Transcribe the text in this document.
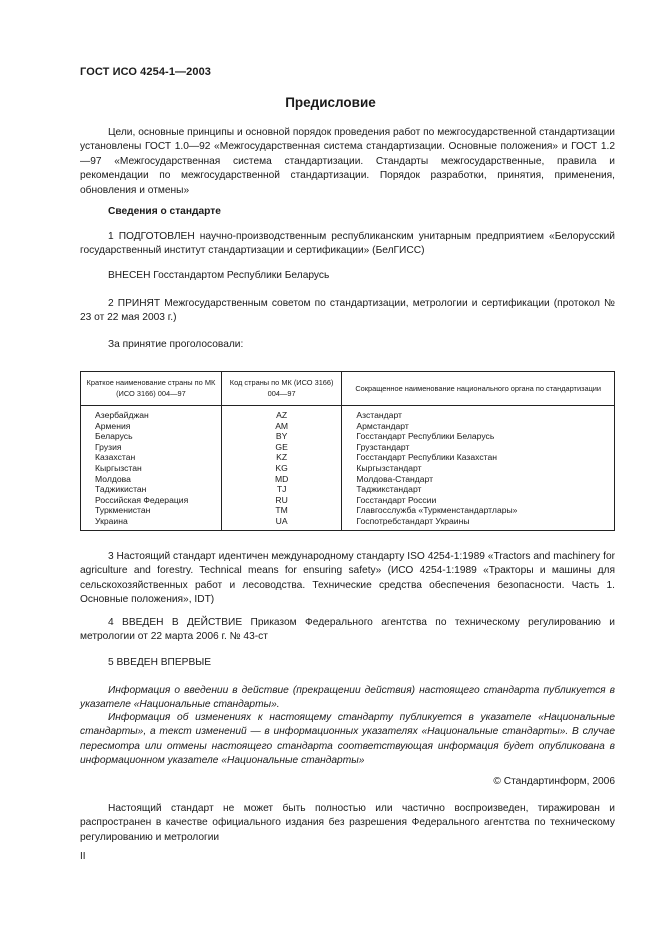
ГОСТ ИСО 4254-1—2003
Предисловие
Цели, основные принципы и основной порядок проведения работ по межгосударственной стандартизации установлены ГОСТ 1.0—92 «Межгосударственная система стандартизации. Основные положения» и ГОСТ 1.2—97 «Межгосударственная система стандартизации. Стандарты межгосударственные, правила и рекомендации по межгосударственной стандартизации. Порядок разработки, принятия, применения, обновления и отмены»
Сведения о стандарте
1 ПОДГОТОВЛЕН научно-производственным республиканским унитарным предприятием «Белорусский государственный институт стандартизации и сертификации» (БелГИСС)
ВНЕСЕН Госстандартом Республики Беларусь
2 ПРИНЯТ Межгосударственным советом по стандартизации, метрологии и сертификации (протокол № 23 от 22 мая 2003 г.)
За принятие проголосовали:
Краткое наименование страны по МК (ИСО 3166) 004—97	Код страны по МК (ИСО 3166) 004—97	Сокращенное наименование национального органа по стандартизации
Азербайджан	AZ	Азстандарт
Армения	AM	Армстандарт
Беларусь	BY	Госстандарт Республики Беларусь
Грузия	GE	Грузстандарт
Казахстан	KZ	Госстандарт Республики Казахстан
Кыргызстан	KG	Кыргызстандарт
Молдова	MD	Молдова-Стандарт
Таджикистан	TJ	Таджикстандарт
Российская Федерация	RU	Госстандарт России
Туркменистан	TM	Главгосслужба «Туркменстандартлары»
Украина	UA	Госпотребстандарт Украины
3 Настоящий стандарт идентичен международному стандарту ISO 4254-1:1989 «Tractors and machinery for agriculture and forestry. Technical means for ensuring safety» (ИСО 4254-1:1989 «Тракторы и машины для сельскохозяйственных работ и лесоводства. Технические средства обеспечения безопасности. Часть 1. Основные положения», IDT)
4 ВВЕДЕН В ДЕЙСТВИЕ Приказом Федерального агентства по техническому регулированию и метрологии от 22 марта 2006 г. № 43-ст
5 ВВЕДЕН ВПЕРВЫЕ
Информация о введении в действие (прекращении действия) настоящего стандарта публикуется в указателе «Национальные стандарты».
Информация об изменениях к настоящему стандарту публикуется в указателе «Национальные стандарты», а текст изменений — в информационных указателях «Национальные стандарты». В случае пересмотра или отмены настоящего стандарта соответствующая информация будет опубликована в информационном указателе «Национальные стандарты»
© Стандартинформ, 2006
Настоящий стандарт не может быть полностью или частично воспроизведен, тиражирован и распространен в качестве официального издания без разрешения Федерального агентства по техническому регулированию и метрологии
II
